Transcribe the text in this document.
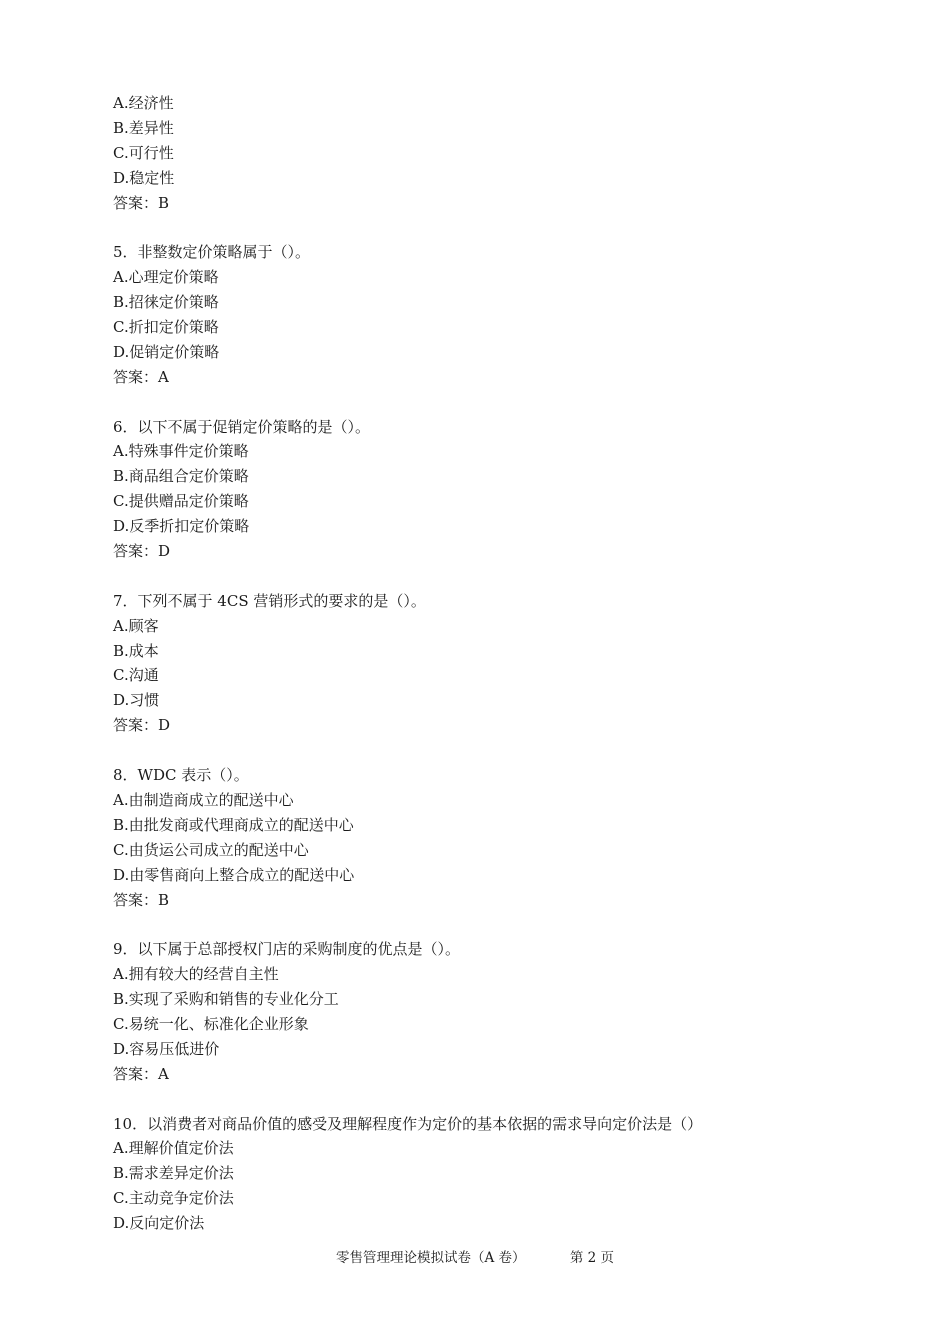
A.经济性
B.差异性
C.可行性
D.稳定性
答案：B
5．非整数定价策略属于（）。
A.心理定价策略
B.招徕定价策略
C.折扣定价策略
D.促销定价策略
答案：A
6．以下不属于促销定价策略的是（）。
A.特殊事件定价策略
B.商品组合定价策略
C.提供赠品定价策略
D.反季折扣定价策略
答案：D
7．下列不属于 4CS 营销形式的要求的是（）。
A.顾客
B.成本
C.沟通
D.习惯
答案：D
8．WDC 表示（）。
A.由制造商成立的配送中心
B.由批发商或代理商成立的配送中心
C.由货运公司成立的配送中心
D.由零售商向上整合成立的配送中心
答案：B
9．以下属于总部授权门店的采购制度的优点是（）。
A.拥有较大的经营自主性
B.实现了采购和销售的专业化分工
C.易统一化、标准化企业形象
D.容易压低进价
答案：A
10．以消费者对商品价值的感受及理解程度作为定价的基本依据的需求导向定价法是（）
A.理解价值定价法
B.需求差异定价法
C.主动竞争定价法
D.反向定价法
零售管理理论模拟试卷（A 卷）	第 2 页
